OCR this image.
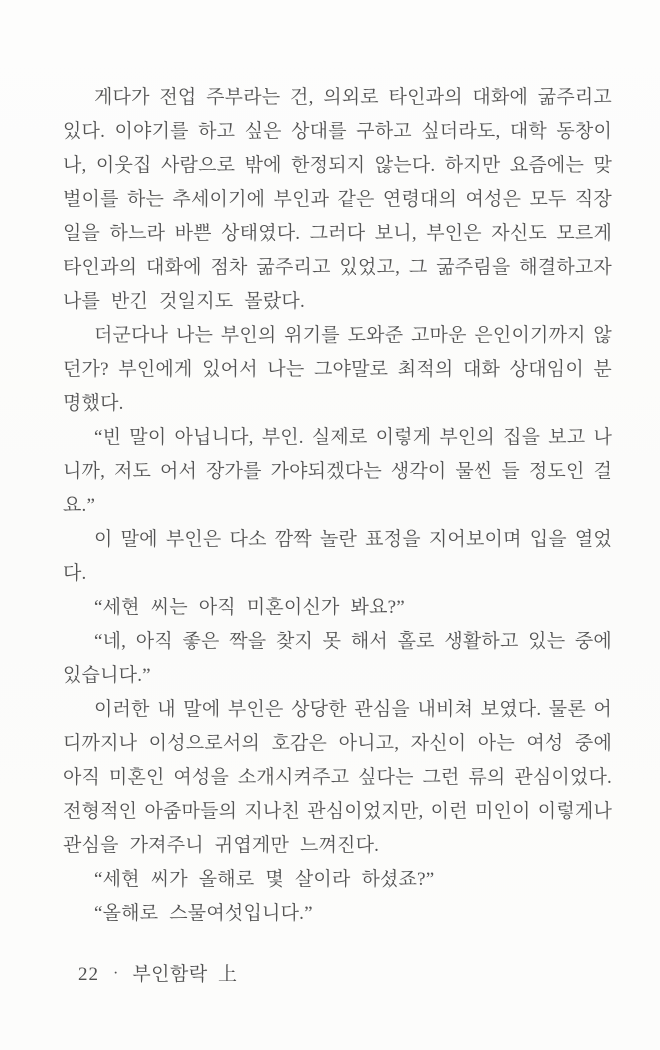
게다가 전업 주부라는 건, 의외로 타인과의 대화에 굶주리고
있다. 이야기를 하고 싶은 상대를 구하고 싶더라도, 대학 동창이
나, 이웃집 사람으로 밖에 한정되지 않는다. 하지만 요즘에는 맞
벌이를 하는 추세이기에 부인과 같은 연령대의 여성은 모두 직장
일을 하느라 바쁜 상태였다. 그러다 보니, 부인은 자신도 모르게
타인과의 대화에 점차 굶주리고 있었고, 그 굶주림을 해결하고자
나를 반긴 것일지도 몰랐다.
더군다나 나는 부인의 위기를 도와준 고마운 은인이기까지 않
던가? 부인에게 있어서 나는 그야말로 최적의 대화 상대임이 분
명했다.
“빈 말이 아닙니다, 부인. 실제로 이렇게 부인의 집을 보고 나
니까, 저도 어서 장가를 가야되겠다는 생각이 물씬 들 정도인 걸
요.”
이 말에 부인은 다소 깜짝 놀란 표정을 지어보이며 입을 열었
다.
“세현 씨는 아직 미혼이신가 봐요?”
“네, 아직 좋은 짝을 찾지 못 해서 홀로 생활하고 있는 중에
있습니다.”
이러한 내 말에 부인은 상당한 관심을 내비쳐 보였다. 물론 어
디까지나 이성으로서의 호감은 아니고, 자신이 아는 여성 중에
아직 미혼인 여성을 소개시켜주고 싶다는 그런 류의 관심이었다.
전형적인 아줌마들의 지나친 관심이었지만, 이런 미인이 이렇게나
관심을 가져주니 귀엽게만 느껴진다.
“세현 씨가 올해로 몇 살이라 하셨죠?”
“올해로 스물여섯입니다.”
22 · 부인함락 上
